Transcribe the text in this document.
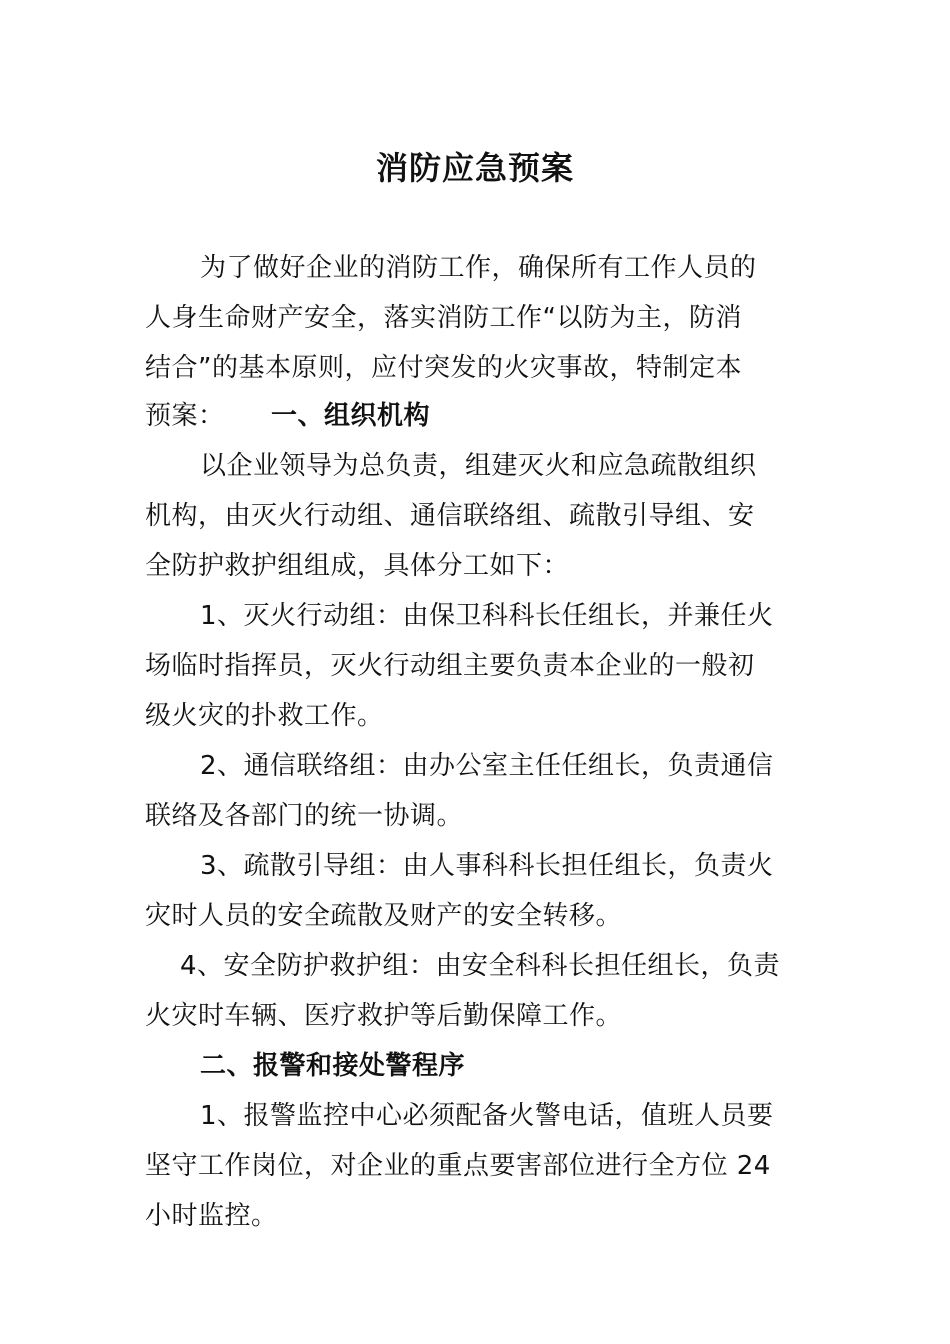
消防应急预案
为了做好企业的消防工作，确保所有工作人员的
人身生命财产安全，落实消防工作“以防为主，防消
结合”的基本原则，应付突发的火灾事故，特制定本
预案： 一、组织机构
以企业领导为总负责，组建灭火和应急疏散组织
机构，由灭火行动组、通信联络组、疏散引导组、安
全防护救护组组成，具体分工如下：
1、灭火行动组：由保卫科科长任组长，并兼任火
场临时指挥员，灭火行动组主要负责本企业的一般初
级火灾的扑救工作。
2、通信联络组：由办公室主任任组长，负责通信
联络及各部门的统一协调。
3、疏散引导组：由人事科科长担任组长，负责火
灾时人员的安全疏散及财产的安全转移。
4、安全防护救护组：由安全科科长担任组长，负责
火灾时车辆、医疗救护等后勤保障工作。
二、报警和接处警程序
1、报警监控中心必须配备火警电话，值班人员要
坚守工作岗位，对企业的重点要害部位进行全方位 24
小时监控。
